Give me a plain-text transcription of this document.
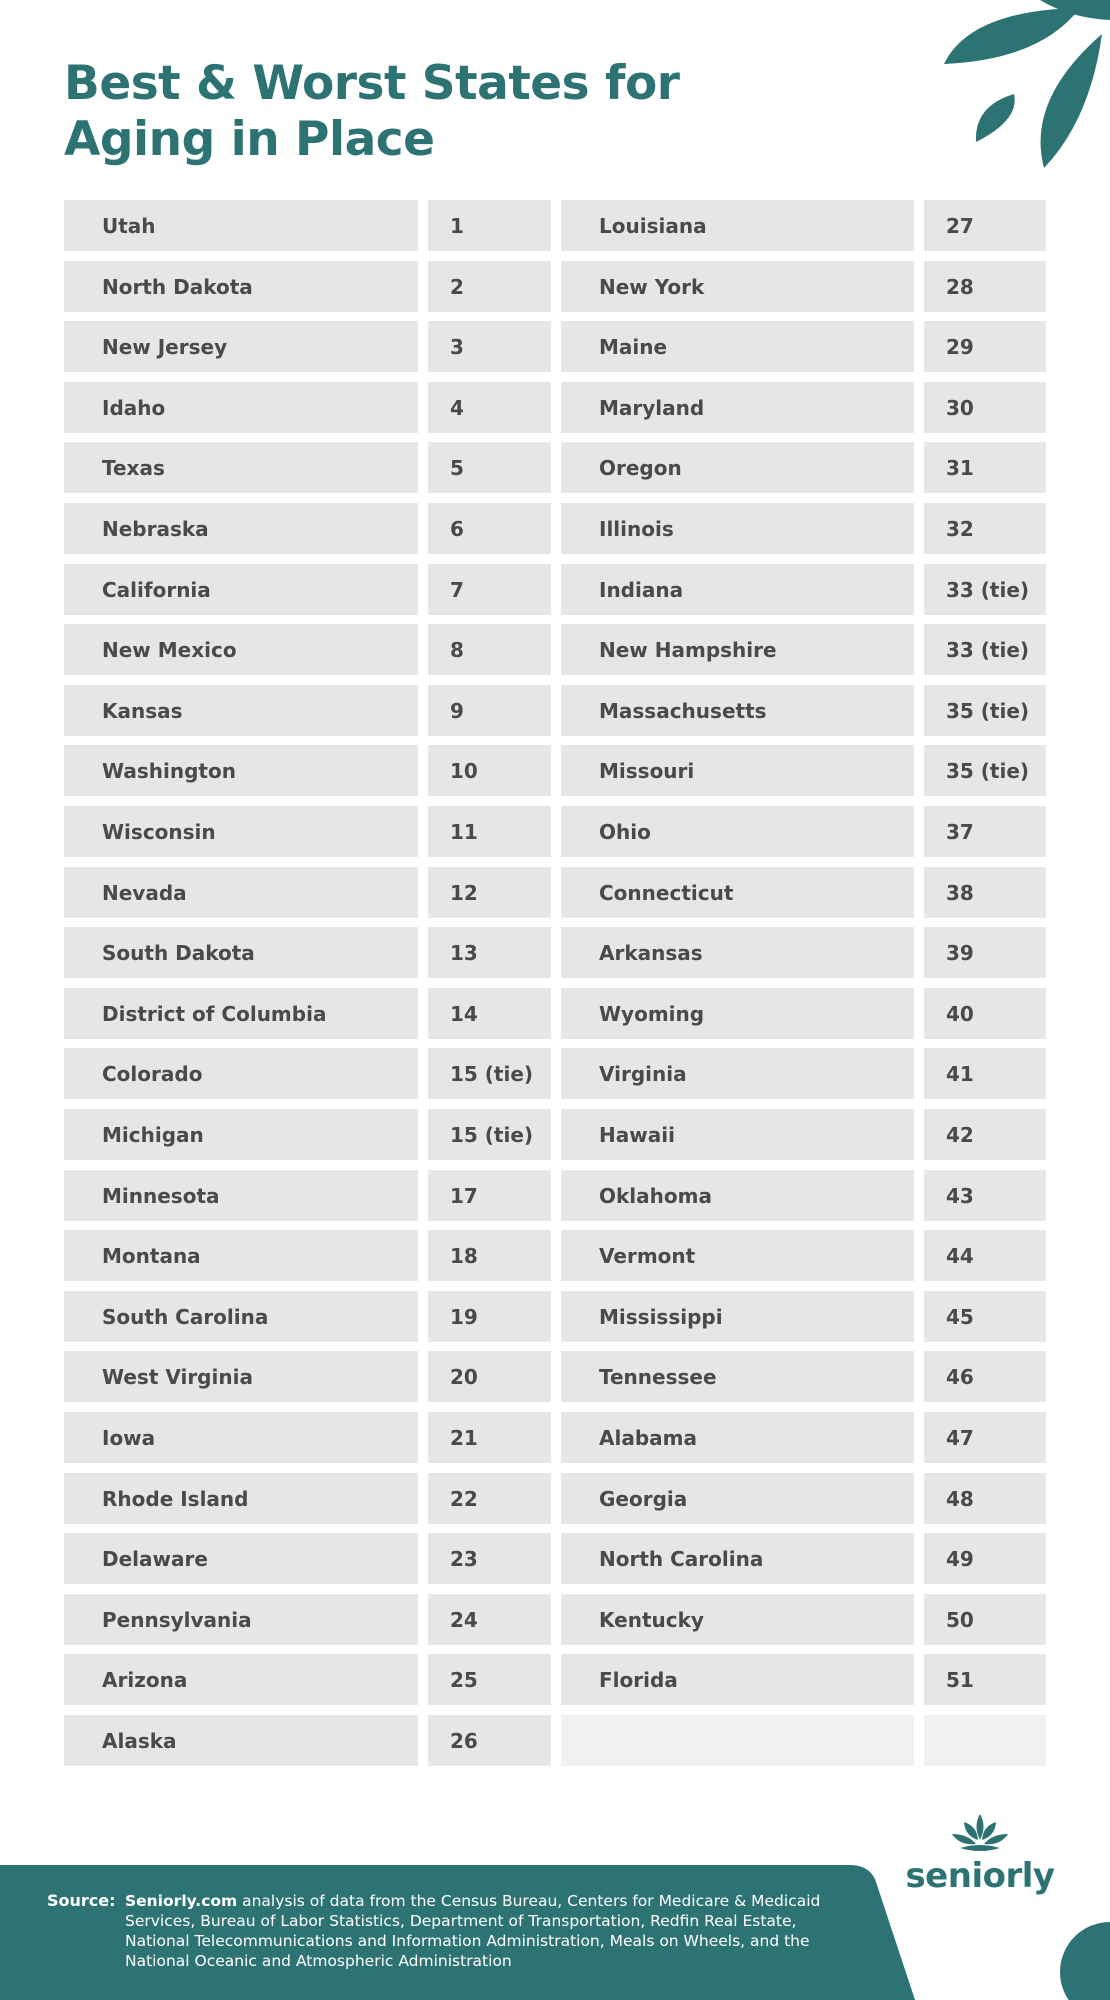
Best & Worst States for
Aging in Place
Utah	1
North Dakota	2
New Jersey	3
Idaho	4
Texas	5
Nebraska	6
California	7
New Mexico	8
Kansas	9
Washington	10
Wisconsin	11
Nevada	12
South Dakota	13
District of Columbia	14
Colorado	15 (tie)
Michigan	15 (tie)
Minnesota	17
Montana	18
South Carolina	19
West Virginia	20
Iowa	21
Rhode Island	22
Delaware	23
Pennsylvania	24
Arizona	25
Alaska	26
Louisiana	27
New York	28
Maine	29
Maryland	30
Oregon	31
Illinois	32
Indiana	33 (tie)
New Hampshire	33 (tie)
Massachusetts	35 (tie)
Missouri	35 (tie)
Ohio	37
Connecticut	38
Arkansas	39
Wyoming	40
Virginia	41
Hawaii	42
Oklahoma	43
Vermont	44
Mississippi	45
Tennessee	46
Alabama	47
Georgia	48
North Carolina	49
Kentucky	50
Florida	51
seniorly
Source: Seniorly.com analysis of data from the Census Bureau, Centers for Medicare & Medicaid Services, Bureau of Labor Statistics, Department of Transportation, Redfin Real Estate, National Telecommunications and Information Administration, Meals on Wheels, and the National Oceanic and Atmospheric Administration
